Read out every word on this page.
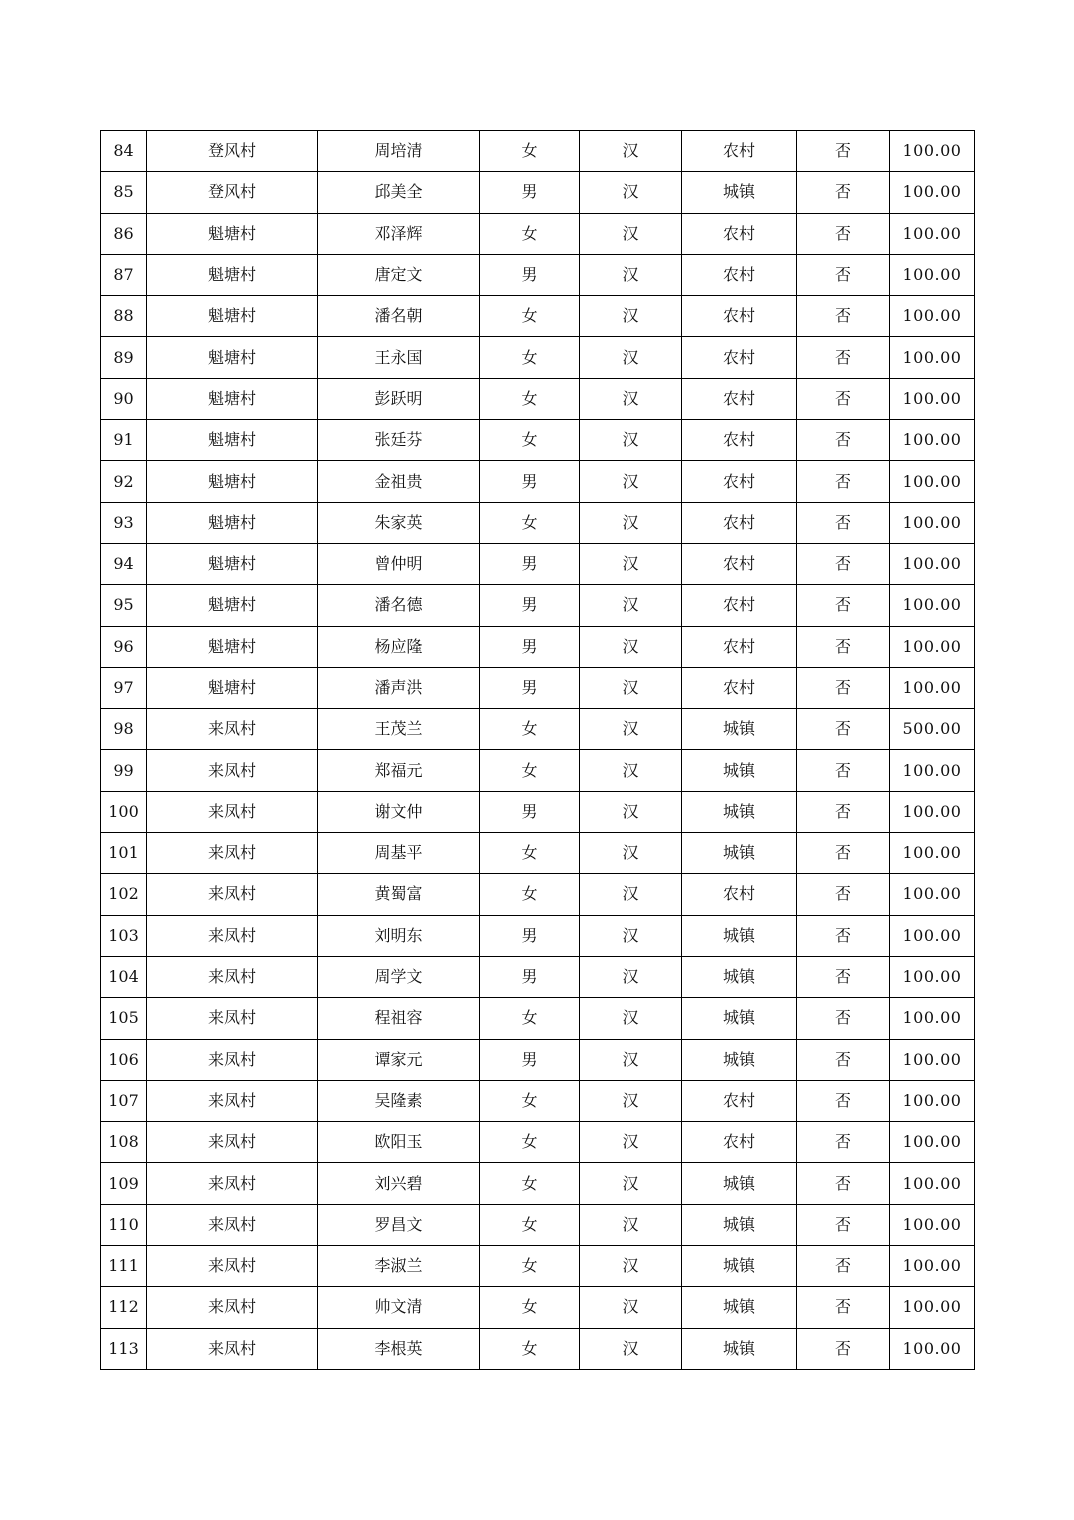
84	登风村	周培清	女	汉	农村	否	100.00
85	登风村	邱美全	男	汉	城镇	否	100.00
86	魁塘村	邓泽辉	女	汉	农村	否	100.00
87	魁塘村	唐定文	男	汉	农村	否	100.00
88	魁塘村	潘名朝	女	汉	农村	否	100.00
89	魁塘村	王永国	女	汉	农村	否	100.00
90	魁塘村	彭跃明	女	汉	农村	否	100.00
91	魁塘村	张廷芬	女	汉	农村	否	100.00
92	魁塘村	金祖贵	男	汉	农村	否	100.00
93	魁塘村	朱家英	女	汉	农村	否	100.00
94	魁塘村	曾仲明	男	汉	农村	否	100.00
95	魁塘村	潘名德	男	汉	农村	否	100.00
96	魁塘村	杨应隆	男	汉	农村	否	100.00
97	魁塘村	潘声洪	男	汉	农村	否	100.00
98	来凤村	王茂兰	女	汉	城镇	否	500.00
99	来凤村	郑福元	女	汉	城镇	否	100.00
100	来凤村	谢文仲	男	汉	城镇	否	100.00
101	来凤村	周基平	女	汉	城镇	否	100.00
102	来凤村	黄蜀富	女	汉	农村	否	100.00
103	来凤村	刘明东	男	汉	城镇	否	100.00
104	来凤村	周学文	男	汉	城镇	否	100.00
105	来凤村	程祖容	女	汉	城镇	否	100.00
106	来凤村	谭家元	男	汉	城镇	否	100.00
107	来凤村	吴隆素	女	汉	农村	否	100.00
108	来凤村	欧阳玉	女	汉	农村	否	100.00
109	来凤村	刘兴碧	女	汉	城镇	否	100.00
110	来凤村	罗昌文	女	汉	城镇	否	100.00
111	来凤村	李淑兰	女	汉	城镇	否	100.00
112	来凤村	帅文清	女	汉	城镇	否	100.00
113	来凤村	李根英	女	汉	城镇	否	100.00
